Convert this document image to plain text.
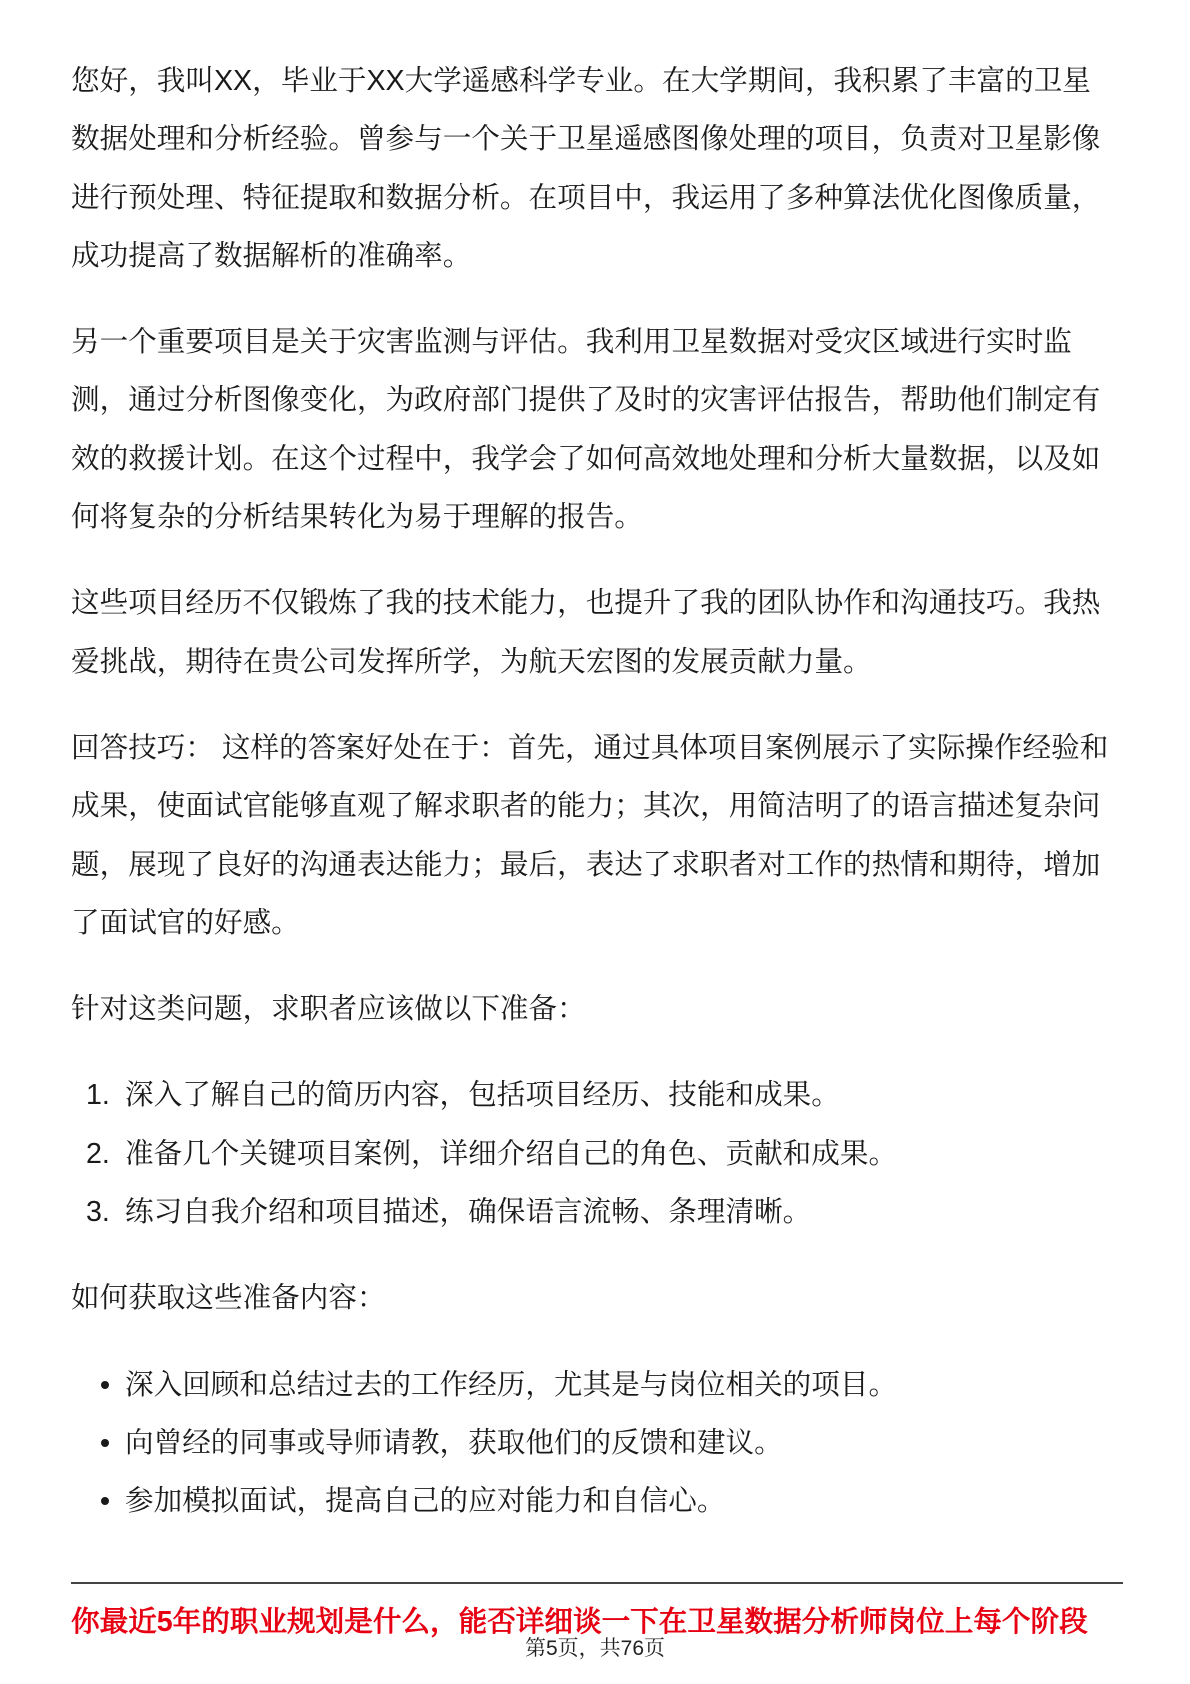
您好，我叫XX，毕业于XX大学遥感科学专业。在大学期间，我积累了丰富的卫星
数据处理和分析经验。曾参与一个关于卫星遥感图像处理的项目，负责对卫星影像
进行预处理、特征提取和数据分析。在项目中，我运用了多种算法优化图像质量，
成功提高了数据解析的准确率。
另一个重要项目是关于灾害监测与评估。我利用卫星数据对受灾区域进行实时监
测，通过分析图像变化，为政府部门提供了及时的灾害评估报告，帮助他们制定有
效的救援计划。在这个过程中，我学会了如何高效地处理和分析大量数据，以及如
何将复杂的分析结果转化为易于理解的报告。
这些项目经历不仅锻炼了我的技术能力，也提升了我的团队协作和沟通技巧。我热
爱挑战，期待在贵公司发挥所学，为航天宏图的发展贡献力量。
回答技巧： 这样的答案好处在于：首先，通过具体项目案例展示了实际操作经验和
成果，使面试官能够直观了解求职者的能力；其次，用简洁明了的语言描述复杂问
题，展现了良好的沟通表达能力；最后，表达了求职者对工作的热情和期待，增加
了面试官的好感。
针对这类问题，求职者应该做以下准备：
1. 深入了解自己的简历内容，包括项目经历、技能和成果。
2. 准备几个关键项目案例，详细介绍自己的角色、贡献和成果。
3. 练习自我介绍和项目描述，确保语言流畅、条理清晰。
如何获取这些准备内容：
深入回顾和总结过去的工作经历，尤其是与岗位相关的项目。
向曾经的同事或导师请教，获取他们的反馈和建议。
参加模拟面试，提高自己的应对能力和自信心。
你最近5年的职业规划是什么，能否详细谈一下在卫星数据分析师岗位上每个阶段
第5页，共76页
